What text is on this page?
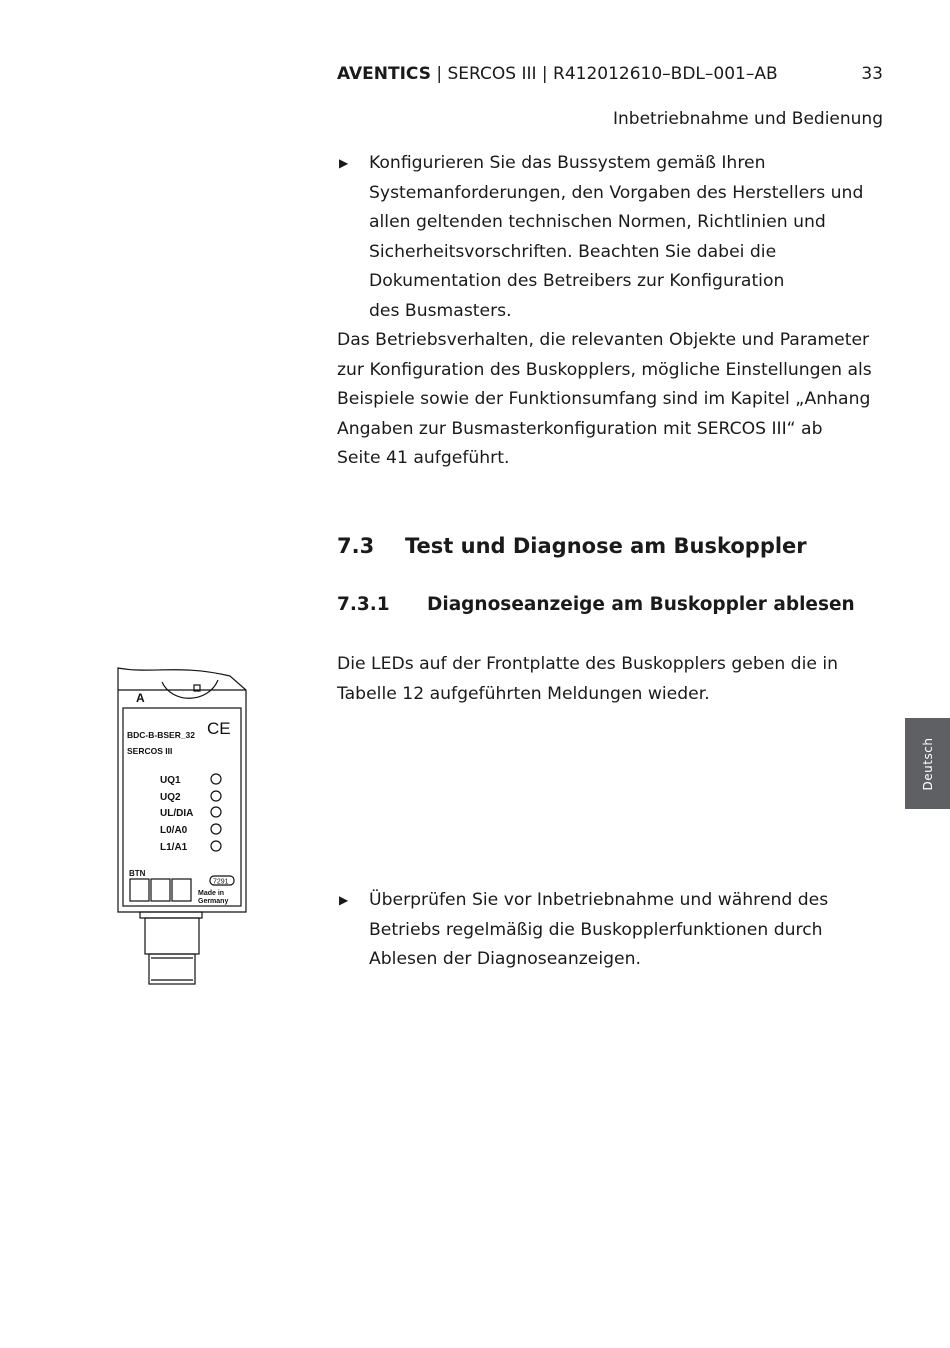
AVENTICS | SERCOS III | R412012610–BDL–001–AB	33
Inbetriebnahme und Bedienung
▶ Konfigurieren Sie das Bussystem gemäß Ihren
Systemanforderungen, den Vorgaben des Herstellers und
allen geltenden technischen Normen, Richtlinien und
Sicherheitsvorschriften. Beachten Sie dabei die
Dokumentation des Betreibers zur Konfiguration
des Busmasters.
Das Betriebsverhalten, die relevanten Objekte und Parameter
zur Konfiguration des Buskopplers, mögliche Einstellungen als
Beispiele sowie der Funktionsumfang sind im Kapitel „Anhang
Angaben zur Busmasterkonfiguration mit SERCOS III“ ab
Seite 41 aufgeführt.
7.3 Test und Diagnose am Buskoppler
7.3.1 Diagnoseanzeige am Buskoppler ablesen
Die LEDs auf der Frontplatte des Buskopplers geben die in
Tabelle 12 aufgeführten Meldungen wieder.
▶ Überprüfen Sie vor Inbetriebnahme und während des
Betriebs regelmäßig die Buskopplerfunktionen durch
Ablesen der Diagnoseanzeigen.
Deutsch
A
CE
BDC-B-BSER_32
SERCOS III
UQ1
UQ2
UL/DIA
L0/A0
L1/A1
BTN
7291
Made in
Germany
